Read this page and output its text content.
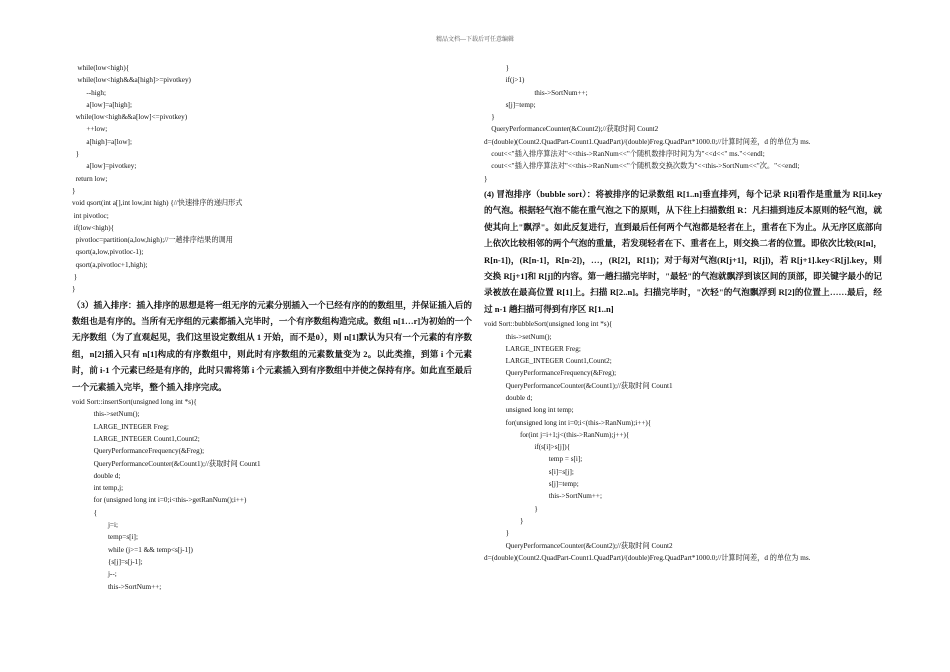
精品文档---下载后可任意编辑
while(low<high){
while(low<high&&a[high]>=pivotkey)
--high;
a[low]=a[high];
while(low<high&&a[low]<=pivotkey)
++low;
a[high]=a[low];
}
a[low]=pivotkey;
return low;
}
void qsort(int a[],int low,int high) {//快速排序的递归形式
int pivotloc;
if(low<high){
pivotloc=partition(a,low,high);//一趟排序结果的调用
qsort(a,low,pivotloc-1);
qsort(a,pivotloc+1,high);
}
}
（3）插入排序：插入排序的思想是将一组无序的元素分别插入一个已经有序的的数组里，并保证插入后的数组也是有序的。当所有无序组的元素都插入完毕时，一个有序数组构造完成。数组 n[1…r]为初始的一个无序数组（为了直观起见，我们这里设定数组从 1 开始，而不是0），则 n[1]默认为只有一个元素的有序数组，n[2]插入只有 n[1]构成的有序数组中，则此时有序数组的元素数量变为 2。以此类推，到第 i 个元素时，前 i-1 个元素已经是有序的，此时只需将第 i 个元素插入到有序数组中并使之保持有序。如此直至最后一个元素插入完毕，整个插入排序完成。
void Sort::insertSort(unsigned long int *s){
this->setNum();
LARGE_INTEGER Freg;
LARGE_INTEGER Count1,Count2;
QueryPerformanceFrequency(&Freg);
QueryPerformanceCounter(&Count1);//获取时间 Count1
double d;
int temp,j;
for (unsigned long int i=0;i<this->getRanNum();i++)
{
j=i;
temp=s[i];
while (j>=1 && temp<s[j-1])
{s[j]=s[j-1];
j--;
this->SortNum++;
}
if(j>1)
this->SortNum++;
s[j]=temp;
}
QueryPerformanceCounter(&Count2);//获取时间 Count2
d=(double)(Count2.QuadPart-Count1.QuadPart)/(double)Freg.QuadPart*1000.0;//计算时间差，d 的单位为 ms.
cout<<"插入排序算法对"<<this->RanNum<<"个随机数排序时间为为"<<d<<" ms."<<endl;
cout<<"插入排序算法对"<<this->RanNum<<"个随机数交换次数为"<<this->SortNum<<"次。"<<endl;
}
(4) 冒泡排序（bubble sort）：将被排序的记录数组 R[1..n]垂直排列，每个记录 R[i]看作是重量为 R[i].key 的气泡。根据轻气泡不能在重气泡之下的原则，从下往上扫描数组 R：凡扫描到违反本原则的轻气泡，就使其向上"飘浮"。如此反复进行，直到最后任何两个气泡都是轻者在上，重者在下为止。从无序区底部向上依次比较相邻的两个气泡的重量，若发现轻者在下、重者在上，则交换二者的位置。即依次比较(R[n]，R[n-1])，(R[n-1]，R[n-2])，…，(R[2]，R[1])；对于每对气泡(R[j+1]，R[j])，若 R[j+1].key<R[j].key，则交换 R[j+1]和 R[j]的内容。第一趟扫描完毕时，"最轻"的气泡就飘浮到该区间的顶部，即关键字最小的记录被放在最高位置 R[1]上。扫描 R[2..n]。扫描完毕时，"次轻"的气泡飘浮到 R[2]的位置上……最后，经过 n-1 趟扫描可得到有序区 R[1..n]
void Sort::bubbleSort(unsigned long int *s){
this->setNum();
LARGE_INTEGER Freg;
LARGE_INTEGER Count1,Count2;
QueryPerformanceFrequency(&Freg);
QueryPerformanceCounter(&Count1);//获取时间 Count1
double d;
unsigned long int temp;
for(unsigned long int i=0;i<(this->RanNum);i++){
for(int j=i+1;j<(this->RanNum);j++){
if(s[i]>s[j]){
temp = s[i];
s[i]=s[j];
s[j]=temp;
this->SortNum++;
}
}
}
QueryPerformanceCounter(&Count2);//获取时间 Count2
d=(double)(Count2.QuadPart-Count1.QuadPart)/(double)Freg.QuadPart*1000.0;//计算时间差，d 的单位为 ms.
